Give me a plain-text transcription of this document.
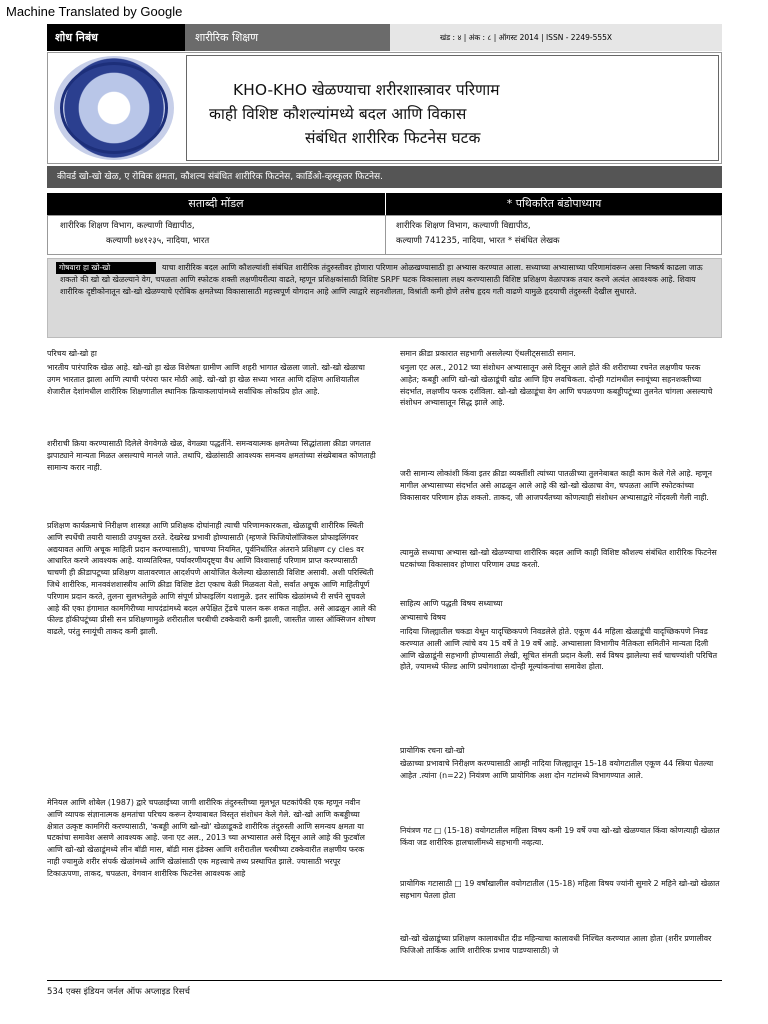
Machine Translated by Google
शोध निबंध	शारीरिक शिक्षण	खंड : ४ | अंक : ८ | ऑगस्ट 2014 | ISSN - 2249-555X
KHO-KHO खेळण्याचा शरीरशास्त्रावर परिणाम
काही विशिष्ट कौशल्यांमध्ये बदल आणि विकास
संबंधित शारीरिक फिटनेस घटक
कीवर्ड खो-खो खेळ, ए रोबिक क्षमता, कौशल्य संबंधित शारीरिक फिटनेस, कार्डिओ-व्हस्कुलर फिटनेस.
सताब्दी मोंडल	* पथिकरित बंडोपाध्याय
शारीरिक शिक्षण विभाग, कल्याणी विद्यापीठ,
कल्याणी ७४१२३५, नादिया, भारत
शारीरिक शिक्षण विभाग, कल्याणी विद्यापीठ,
कल्याणी 741235, नादिया, भारत * संबंधित लेखक
याचा शारीरिक बदल आणि कौशल्यांशी संबंधित शारीरिक तंदुरुस्तीवर होणारा परिणाम ओळखण्यासाठी हा अभ्यास करण्यात आला. सध्याच्या अभ्यासाच्या परिणामांवरून असा निष्कर्ष काढला जाऊ शकतो की खो खो खेळल्याने वेग, चपळता आणि स्फोटक शक्ती लक्षणीयरीत्या वाढते, म्हणून प्रशिक्षकांसाठी विशिष्ट SRPF घटक विकासाला लक्ष्य करण्यासाठी विशिष्ट प्रशिक्षण वेळापत्रक तयार करणे अत्यंत आवश्यक आहे. शिवाय शारीरिक दृष्टीकोनातून खो-खो खेळण्याचे एरोबिक क्षमतेच्या विकासासाठी महत्त्वपूर्ण योगदान आहे आणि त्याद्वारे सहनशीलता, विश्रांती कमी होणे तसेच हृदय गती वाढणे यामुळे हृदयाची तंदुरुस्ती देखील सुधारते.
गोषवारा हा खो-खो
परिचय खो-खो हा
भारतीय पारंपारिक खेळ आहे. खो-खो हा खेळ विशेषतः ग्रामीण आणि शहरी भागात खेळला जातो. खो-खो खेळाचा उगम भारतात झाला आणि त्याची परंपरा फार मोठी आहे. खो-खो हा खेळ सध्या भारत आणि दक्षिण आशियातील शेजारील देशांमधील शारीरिक शिक्षणातील स्थानिक क्रियाकलापांमध्ये सर्वाधिक लोकप्रिय होत आहे.
शरीराची क्रिया करण्यासाठी दिलेले वेगवेगळे खेळ, वेगळ्या पद्धतींने. समन्वयात्मक क्षमतेच्या सिद्धांताला क्रीडा जगतात झपाट्याने मान्यता मिळत असल्याचे मानले जाते. तथापि, खेळांसाठी आवश्यक समन्वय क्षमतांच्या संख्येबाबत कोणताही सामान्य करार नाही.
प्रशिक्षण कार्यक्रमाचे निरीक्षण शास्त्रज्ञ आणि प्रशिक्षक दोघांनाही त्याची परिणामकारकता, खेळाडूची शारीरिक स्थिती आणि स्पर्धेची तयारी यासाठी उपयुक्त ठरते. देखरेख प्रभावी होण्यासाठी (म्हणजे फिजियोलॉजिकल प्रोफाइलिंगवर अद्ययावत आणि अचूक माहिती प्रदान करण्यासाठी), चाचण्या नियमित, पूर्वनिर्धारित अंतराने प्रशिक्षण cy cles वर आधारित करणे आवश्यक आहे. याव्यतिरिक्त, पर्यावरणीयदृष्ट्या वैध आणि विश्वासार्ह परिणाम प्राप्त करण्यासाठी चाचणी ही क्रीडापटूच्या प्रशिक्षण वातावरणात आदर्शपणे आयोजित केलेल्या खेळासाठी विशिष्ट असावी. अशी परिस्थिती जिथे शारीरिक, मानववंशशास्त्रीय आणि क्रीडा विशिष्ट डेटा एकाच वेळी मिळवता येतो, सर्वात अचूक आणि माहितीपूर्ण परिणाम प्रदान करते, तुलना सुलभतेमुळे आणि संपूर्ण प्रोफाइलिंग यशामुळे. इतर सांघिक खेळांमध्ये री सर्चने सुचवले आहे की एका हंगामात कामगिरीच्या मापदंडांमध्ये बदल अपेक्षित ट्रेंडचे पालन करू शकत नाहीत. असे आढळून आले की फील्ड हॉकीपटूंच्या प्रीसी सन प्रशिक्षणामुळे शरीरातील चरबीची टक्केवारी कमी झाली, जास्तीत जास्त ऑक्सिजन शोषण वाढले, परंतु स्नायूंची ताकद कमी झाली.
मेनियल आणि शोबेल (1987) द्वारे चपळाईच्या जागी शारीरिक तंदुरुस्तीच्या मूलभूत घटकांपैकी एक म्हणून नवीन आणि व्यापक संज्ञानात्मक क्षमतांचा परिचय करून देण्याबाबत विस्तृत संशोधन केले गेले. खो-खो आणि कबड्डीच्या क्षेत्रात उत्कृष्ट कामगिरी करण्यासाठी, 'कबड्डी आणि खो-खो' खेळाडूकडे शारीरिक तंदुरुस्ती आणि समन्वय क्षमता या घटकांचा समावेश असणे आवश्यक आहे. जना एट अल., 2013 च्या अभ्यासात असे दिसून आले आहे की फुटबॉल आणि खो-खो खेळाडूंमध्ये लीन बॉडी मास, बॉडी मास इंडेक्स आणि शरीरातील चरबीच्या टक्केवारीत लक्षणीय फरक नाही ज्यामुळे शरीर संपर्क खेळांमध्ये आणि खेळांसाठी एक महत्त्वाचे तथ्य प्रस्थापित झाले. ज्यासाठी भरपूर टिकाऊपणा, ताकद, चपळता, वेगवान शारीरिक फिटनेस आवश्यक आहे
समान क्रीडा प्रकारात सहभागी असलेल्या ऍथलीट्ससाठी समान.
धनुला एट अल., 2012 च्या संशोधन अभ्यासातून असे दिसून आले होते की शरीराच्या रचनेत लक्षणीय फरक आहेत; कबड्डी आणि खो-खो खेळाडूंची खोड आणि हिप लवचिकता. दोन्ही गटांमधील स्नायूंच्या सहनशक्तीच्या संदर्भात, लक्षणीय फरक दर्शविला. खो-खो खेळाडूंचा वेग आणि चपळपणा कबड्डीपटूंच्या तुलनेत चांगला असल्याचे संशोधन अभ्यासातून सिद्ध झाले आहे.
जरी सामान्य लोकांशी किंवा इतर क्रीडा व्यक्तींशी त्यांच्या पातळीच्या तुलनेबाबत काही काम केले गेले आहे. म्हणून मागील अभ्यासाच्या संदर्भात असे आढळून आले आहे की खो-खो खेळाचा वेग, चपळता आणि स्फोटकांच्या विकासावर परिणाम होऊ शकतो. ताकद, जी आजपर्यंतच्या कोणत्याही संशोधन अभ्यासाद्वारे नोंदवली गेली नाही.
त्यामुळे सध्याचा अभ्यास खो-खो खेळण्याचा शारीरिक बदल आणि काही विशिष्ट कौशल्य संबंधित शारीरिक फिटनेस घटकांच्या विकासावर होणारा परिणाम उघड करतो.
साहित्य आणि पद्धती विषय सध्याच्या
अभ्यासाचे विषय
नादिया जिल्ह्यातील चकडा येथून यादृच्छिकपणे निवडलेले होते. एकूण 44 महिला खेळाडूंची यादृच्छिकपणे निवड करण्यात आली आणि त्यांचे वय 15 वर्षे ते 19 वर्षे आहे. अभ्यासाला विभागीय नैतिकता समितीने मान्यता दिली आणि खेळाडूंनी सहभागी होण्यासाठी लेखी, सूचित संमती प्रदान केली. सर्व विषय झालेल्या सर्व चाचण्यांशी परिचित होते, ज्यामध्ये फील्ड आणि प्रयोगशाळा दोन्ही मूल्यांकनांचा समावेश होता.
प्रायोगिक रचना खो-खो
खेळाच्या प्रभावाचे निरीक्षण करण्यासाठी आम्ही नादिया जिल्ह्यातून 15-18 वयोगटातील एकूण 44 स्त्रिया घेतल्या आहेत .त्यांना (n=22) नियंत्रण आणि प्रायोगिक अशा दोन गटांमध्ये विभागण्यात आले.
नियंत्रण गट □ (15-18) वयोगटातील महिला विषय कमी 19 वर्षे ज्या खो-खो खेळण्यात किंवा कोणत्याही खेळात किंवा जड शारीरिक हालचालींमध्ये सहभागी नव्हत्या.
प्रायोगिक गटासाठी □ 19 वर्षांखालील वयोगटातील (15-18) महिला विषय ज्यांनी सुमारे 2 महिने खो-खो खेळात सहभाग घेतला होता
खो-खो खेळाडूंच्या प्रशिक्षण कालावधीत दीड महिन्याचा कालावधी निश्चित करण्यात आला होता (शरीर प्रणालीवर फिजिओ तार्किक आणि शारीरिक प्रभाव पाडण्यासाठी) जे
534 एक्स इंडियन जर्नल ऑफ अप्लाइड रिसर्च
